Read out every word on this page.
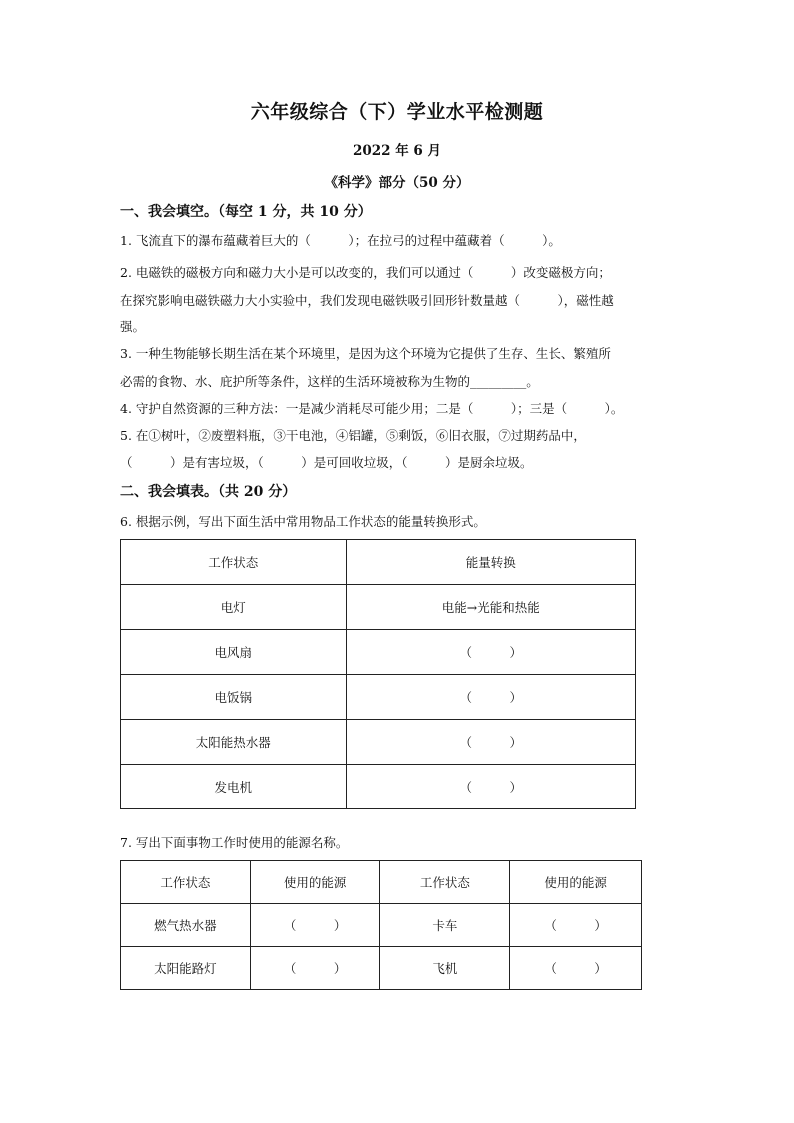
六年级综合（下）学业水平检测题
2022 年 6 月
《科学》部分（50 分）
一、我会填空。（每空 1 分，共 10 分）
1. 飞流直下的瀑布蕴藏着巨大的（　　　）；在拉弓的过程中蕴藏着（　　　）。
2. 电磁铁的磁极方向和磁力大小是可以改变的，我们可以通过（　　　）改变磁极方向；
在探究影响电磁铁磁力大小实验中，我们发现电磁铁吸引回形针数量越（　　　），磁性越
强。
3. 一种生物能够长期生活在某个环境里，是因为这个环境为它提供了生存、生长、繁殖所
必需的食物、水、庇护所等条件，这样的生活环境被称为生物的_________。
4. 守护自然资源的三种方法：一是减少消耗尽可能少用；二是（　　　）；三是（　　　）。
5. 在①树叶，②废塑料瓶，③干电池，④铝罐，⑤剩饭，⑥旧衣服，⑦过期药品中，
（　　　）是有害垃圾，（　　　）是可回收垃圾，（　　　）是厨余垃圾。
二、我会填表。（共 20 分）
6. 根据示例，写出下面生活中常用物品工作状态的能量转换形式。
工作状态	能量转换
电灯	电能→光能和热能
电风扇	（　　　）
电饭锅	（　　　）
太阳能热水器	（　　　）
发电机	（　　　）
7. 写出下面事物工作时使用的能源名称。
工作状态	使用的能源	工作状态	使用的能源
燃气热水器	（　　　）	卡车	（　　　）
太阳能路灯	（　　　）	飞机	（　　　）
